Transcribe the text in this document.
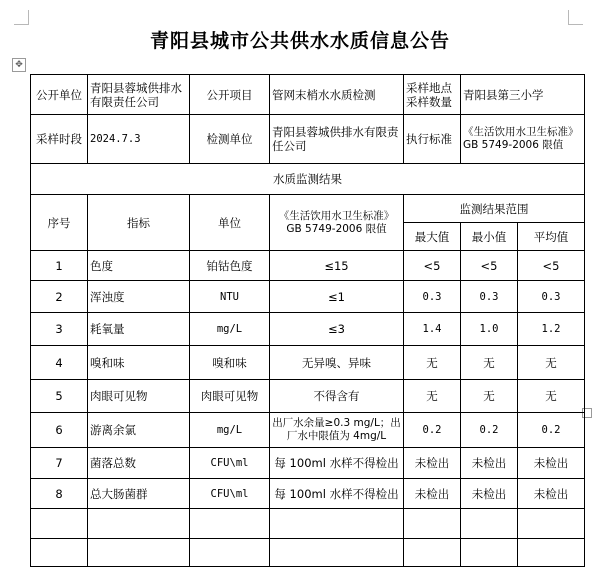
青阳县城市公共供水水质信息公告
✥
公开单位	青阳县蓉城供排水有限责任公司	公开项目	管网末梢水水质检测	采样地点采样数量	青阳县第三小学	
采样时段	2024.7.3	检测单位	青阳县蓉城供排水有限责任公司	执行标准	《生活饮用水卫生标准》GB 5749-2006 限值	
水质监测结果						
序号	指标	单位	《生活饮用水卫生标准》GB 5749-2006 限值	监测结果范围		
				最大值	最小值	平均值
1	色度	铂钴色度	≤15	<5	<5	<5
2	浑浊度	NTU	≤1	0.3	0.3	0.3
3	耗氧量	mg/L	≤3	1.4	1.0	1.2
4	嗅和味	嗅和味	无异嗅、异味	无	无	无
5	肉眼可见物	肉眼可见物	不得含有	无	无	无
6	游离余氯	mg/L	出厂水余量≥0.3 mg/L；出厂水中限值为 4mg/L	0.2	0.2	0.2
7	菌落总数	CFU\ml	每 100ml 水样不得检出	未检出	未检出	未检出
8	总大肠菌群	CFU\ml	每 100ml 水样不得检出	未检出	未检出	未检出
